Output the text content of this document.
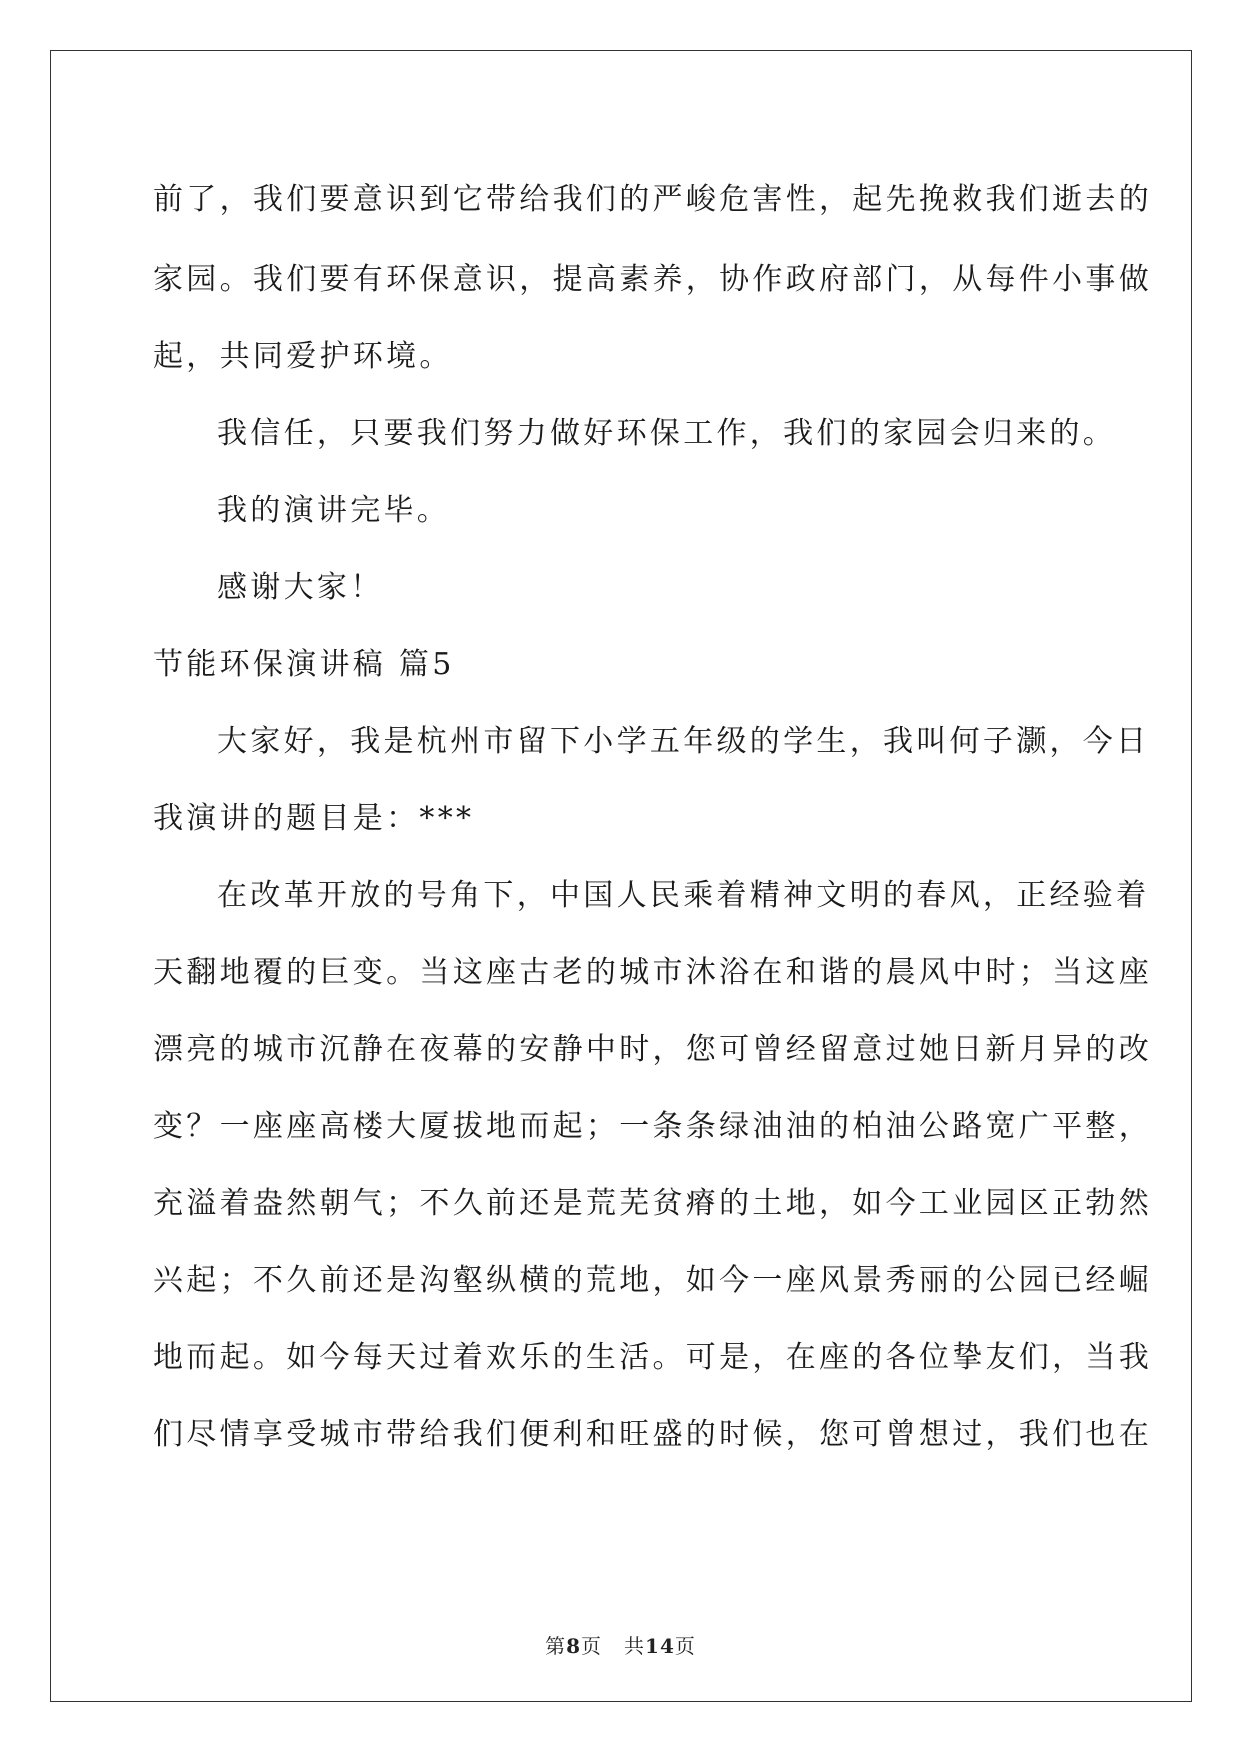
前了，我们要意识到它带给我们的严峻危害性，起先挽救我们逝去的

家园。我们要有环保意识，提高素养，协作政府部门，从每件小事做

起，共同爱护环境。

我信任，只要我们努力做好环保工作，我们的家园会归来的。

我的演讲完毕。

感谢大家！

节能环保演讲稿 篇5

大家好，我是杭州市留下小学五年级的学生，我叫何子灏，今日

我演讲的题目是：***

在改革开放的号角下，中国人民乘着精神文明的春风，正经验着

天翻地覆的巨变。当这座古老的城市沐浴在和谐的晨风中时；当这座

漂亮的城市沉静在夜幕的安静中时，您可曾经留意过她日新月异的改

变？一座座高楼大厦拔地而起；一条条绿油油的柏油公路宽广平整，

充溢着盎然朝气；不久前还是荒芜贫瘠的土地，如今工业园区正勃然

兴起；不久前还是沟壑纵横的荒地，如今一座风景秀丽的公园已经崛

地而起。如今每天过着欢乐的生活。可是，在座的各位挚友们，当我

们尽情享受城市带给我们便利和旺盛的时候，您可曾想过，我们也在

第8页 共14页
